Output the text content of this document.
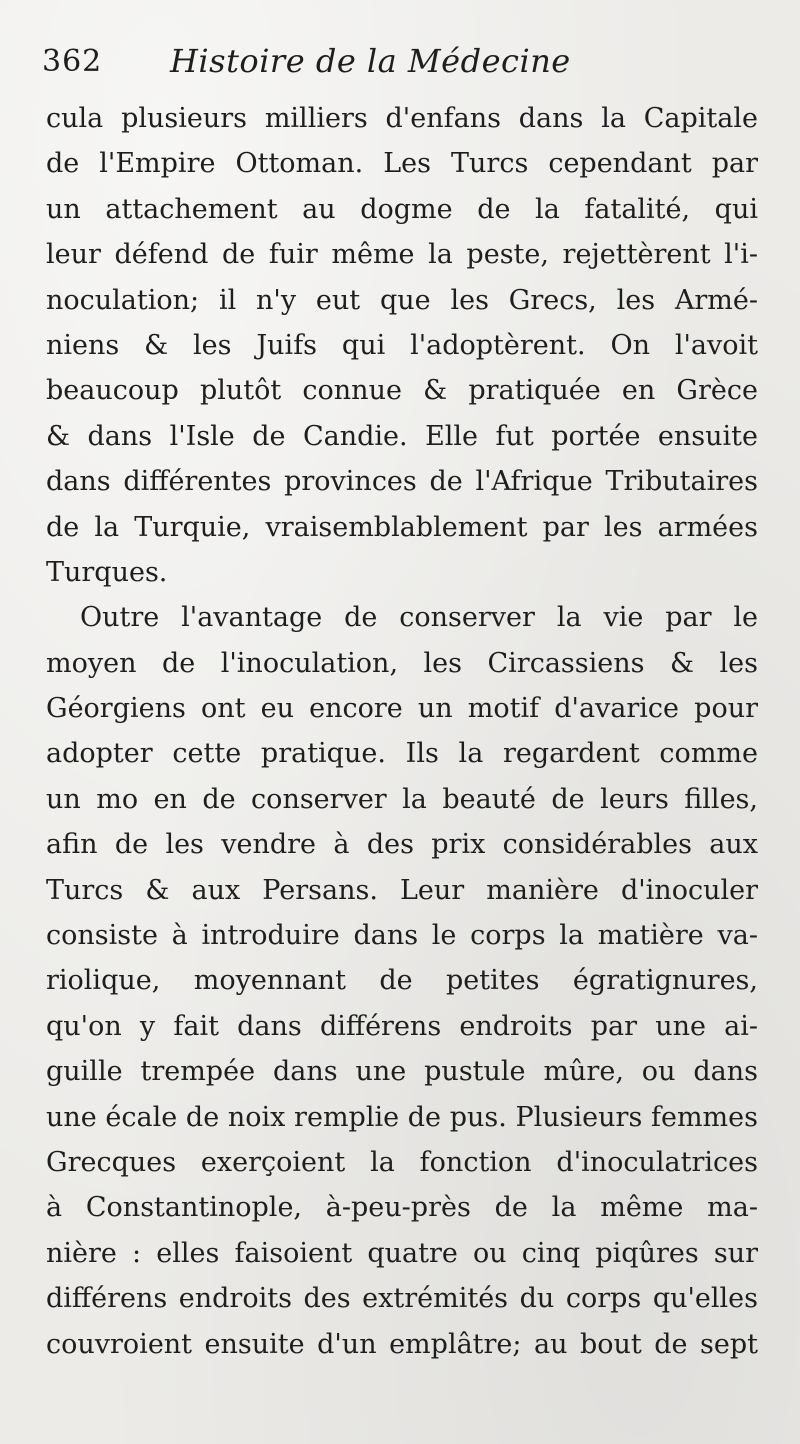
362 Histoire de la Médecine
cula plusieurs milliers d'enfans dans la Capitale
de l'Empire Ottoman. Les Turcs cependant par
un attachement au dogme de la fatalité, qui
leur défend de fuir même la peste, rejettèrent l'i-
noculation; il n'y eut que les Grecs, les Armé-
niens & les Juifs qui l'adoptèrent. On l'avoit
beaucoup plutôt connue & pratiquée en Grèce
& dans l'Isle de Candie. Elle fut portée ensuite
dans différentes provinces de l'Afrique Tributaires
de la Turquie, vraisemblablement par les armées
Turques.
Outre l'avantage de conserver la vie par le
moyen de l'inoculation, les Circassiens & les
Géorgiens ont eu encore un motif d'avarice pour
adopter cette pratique. Ils la regardent comme
un mo en de conserver la beauté de leurs filles,
afin de les vendre à des prix considérables aux
Turcs & aux Persans. Leur manière d'inoculer
consiste à introduire dans le corps la matière va-
riolique, moyennant de petites égratignures,
qu'on y fait dans différens endroits par une ai-
guille trempée dans une pustule mûre, ou dans
une écale de noix remplie de pus. Plusieurs femmes
Grecques exerçoient la fonction d'inoculatrices
à Constantinople, à-peu-près de la même ma-
nière : elles faisoient quatre ou cinq piqûres sur
différens endroits des extrémités du corps qu'elles
couvroient ensuite d'un emplâtre; au bout de sept
